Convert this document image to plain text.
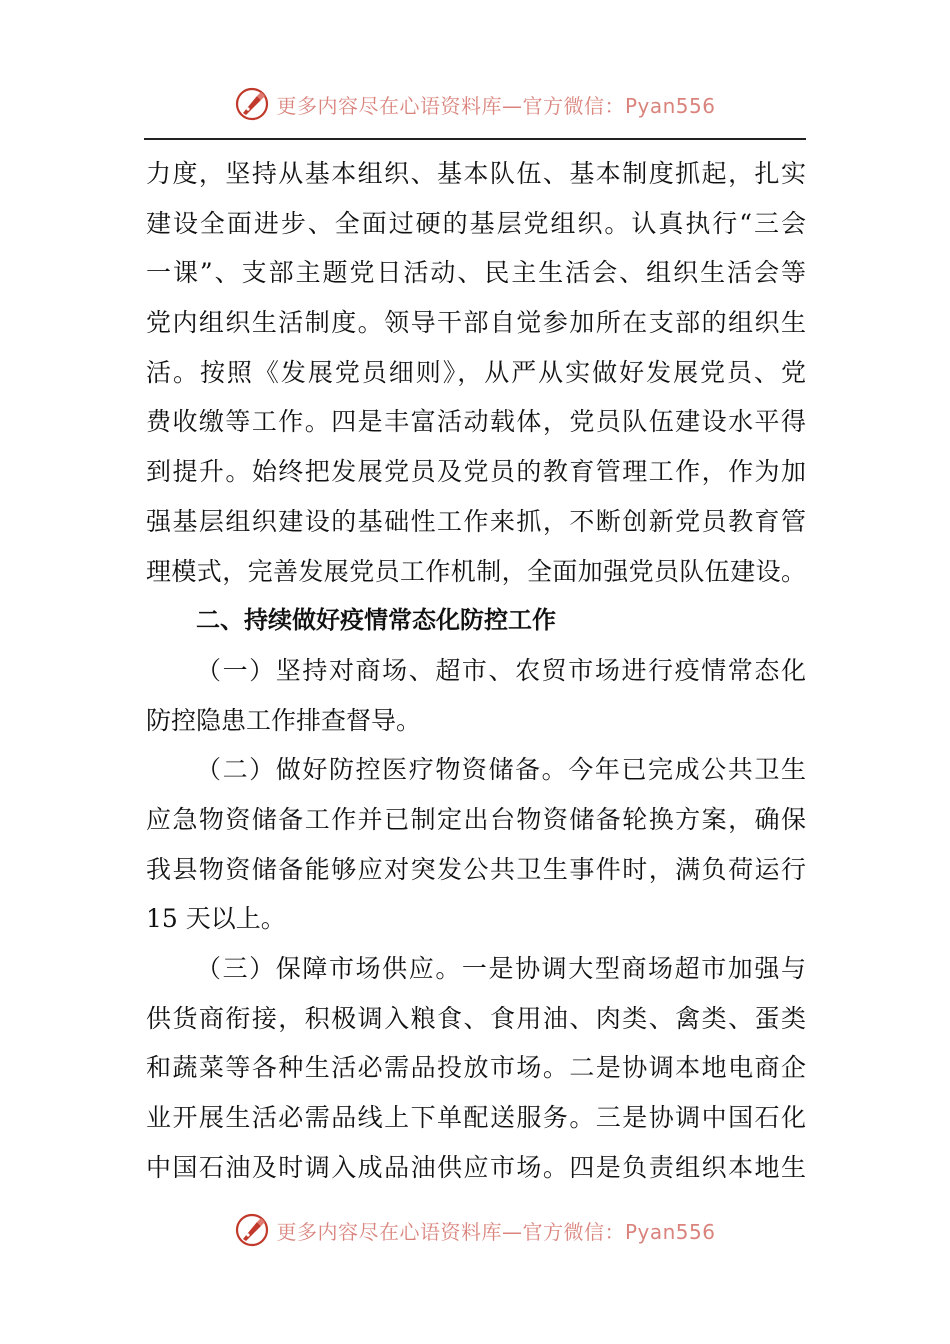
更多内容尽在心语资料库—官方微信：Pyan556
力度，坚持从基本组织、基本队伍、基本制度抓起，扎实
建设全面进步、全面过硬的基层党组织。认真执行“三会
一课”、支部主题党日活动、民主生活会、组织生活会等
党内组织生活制度。领导干部自觉参加所在支部的组织生
活。按照《发展党员细则》，从严从实做好发展党员、党
费收缴等工作。四是丰富活动载体，党员队伍建设水平得
到提升。始终把发展党员及党员的教育管理工作，作为加
强基层组织建设的基础性工作来抓，不断创新党员教育管
理模式，完善发展党员工作机制，全面加强党员队伍建设。
二、持续做好疫情常态化防控工作
（一）坚持对商场、超市、农贸市场进行疫情常态化
防控隐患工作排查督导。
（二）做好防控医疗物资储备。今年已完成公共卫生
应急物资储备工作并已制定出台物资储备轮换方案，确保
我县物资储备能够应对突发公共卫生事件时，满负荷运行
15 天以上。
（三）保障市场供应。一是协调大型商场超市加强与
供货商衔接，积极调入粮食、食用油、肉类、禽类、蛋类
和蔬菜等各种生活必需品投放市场。二是协调本地电商企
业开展生活必需品线上下单配送服务。三是协调中国石化
中国石油及时调入成品油供应市场。四是负责组织本地生
更多内容尽在心语资料库—官方微信：Pyan556
